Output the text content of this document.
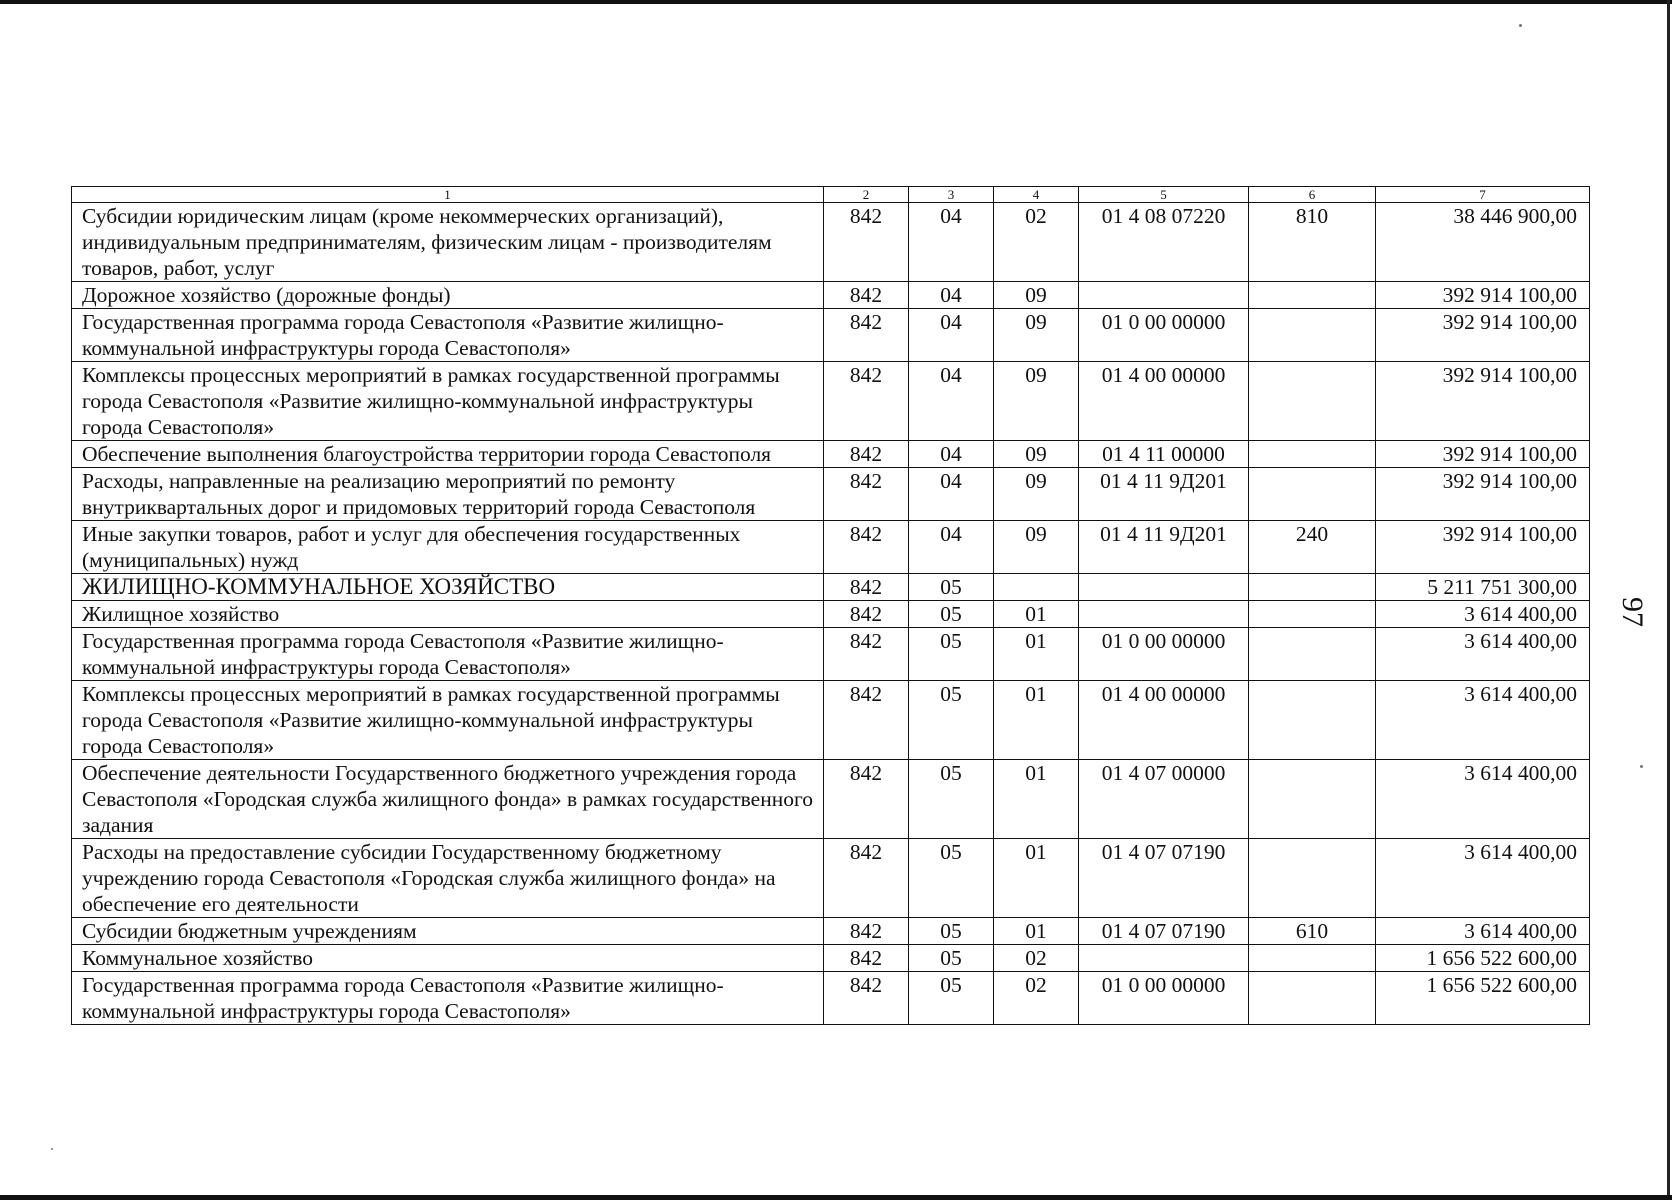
1	2	3	4	5	6	7
Субсидии юридическим лицам (кроме некоммерческих организаций), индивидуальным предпринимателям, физическим лицам - производителям товаров, работ, услуг	842	04	02	01 4 08 07220	810	38 446 900,00
Дорожное хозяйство (дорожные фонды)	842	04	09			392 914 100,00
Государственная программа города Севастополя «Развитие жилищно-коммунальной инфраструктуры города Севастополя»	842	04	09	01 0 00 00000		392 914 100,00
Комплексы процессных мероприятий в рамках государственной программы города Севастополя «Развитие жилищно-коммунальной инфраструктуры города Севастополя»	842	04	09	01 4 00 00000		392 914 100,00
Обеспечение выполнения благоустройства территории города Севастополя	842	04	09	01 4 11 00000		392 914 100,00
Расходы, направленные на реализацию мероприятий по ремонту внутриквартальных дорог и придомовых территорий города Севастополя	842	04	09	01 4 11 9Д201		392 914 100,00
Иные закупки товаров, работ и услуг для обеспечения государственных (муниципальных) нужд	842	04	09	01 4 11 9Д201	240	392 914 100,00
ЖИЛИЩНО-КОММУНАЛЬНОЕ ХОЗЯЙСТВО	842	05				5 211 751 300,00
Жилищное хозяйство	842	05	01			3 614 400,00
Государственная программа города Севастополя «Развитие жилищно-коммунальной инфраструктуры города Севастополя»	842	05	01	01 0 00 00000		3 614 400,00
Комплексы процессных мероприятий в рамках государственной программы города Севастополя «Развитие жилищно-коммунальной инфраструктуры города Севастополя»	842	05	01	01 4 00 00000		3 614 400,00
Обеспечение деятельности Государственного бюджетного учреждения города Севастополя «Городская служба жилищного фонда» в рамках государственного задания	842	05	01	01 4 07 00000		3 614 400,00
Расходы на предоставление субсидии Государственному бюджетному учреждению города Севастополя «Городская служба жилищного фонда» на обеспечение его деятельности	842	05	01	01 4 07 07190		3 614 400,00
Субсидии бюджетным учреждениям	842	05	01	01 4 07 07190	610	3 614 400,00
Коммунальное хозяйство	842	05	02			1 656 522 600,00
Государственная программа города Севастополя «Развитие жилищно-коммунальной инфраструктуры города Севастополя»	842	05	02	01 0 00 00000		1 656 522 600,00
97
